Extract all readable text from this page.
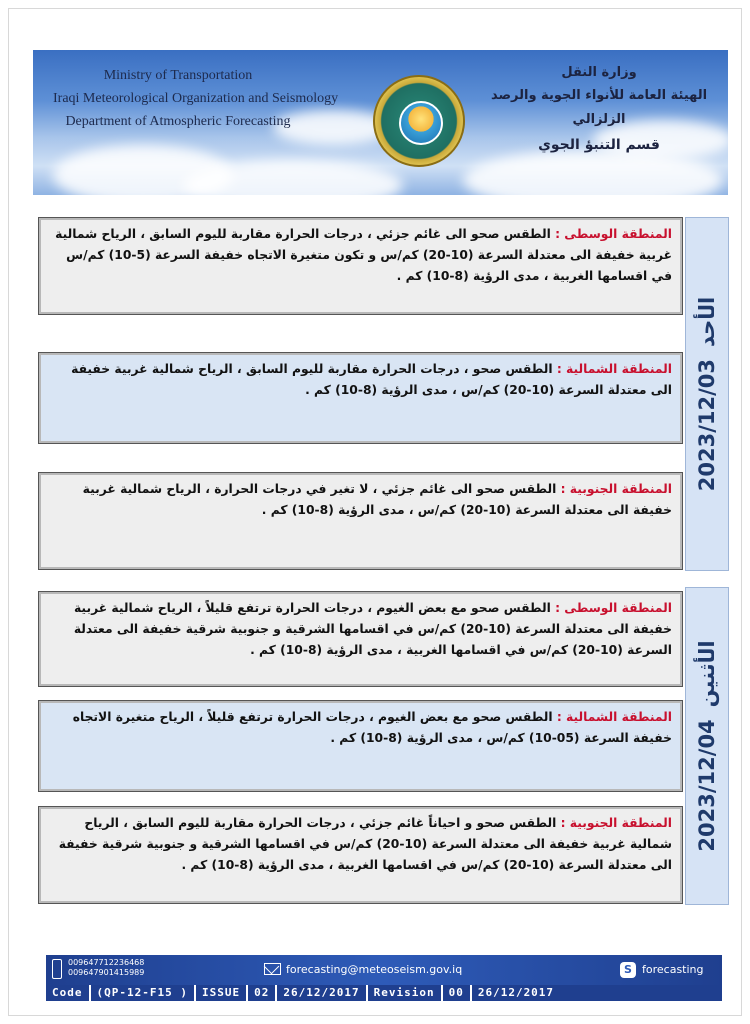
Ministry of Transportation
Iraqi Meteorological Organization and Seismology
Department of Atmospheric Forecasting
وزارة النقل
الهيئة العامة للأنواء الجوية والرصد الزلزالي
قسم التنبؤ الجوي
الأحد2023/12/03
الأثنين2023/12/04
المنطقة الوسطى : الطقس صحو الى غائم جزئي ، درجات الحرارة مقاربة لليوم السابق ، الرياح شمالية غربية خفيفة الى معتدلة السرعة (10-20) كم/س و تكون متغيرة الاتجاه خفيفة السرعة (5-10) كم/س في اقسامها الغربية ، مدى الرؤية (8-10) كم .
المنطقة الشمالية : الطقس صحو ، درجات الحرارة مقاربة لليوم السابق ، الرياح شمالية غربية خفيفة الى معتدلة السرعة (10-20) كم/س ، مدى الرؤية (8-10) كم .
المنطقة الجنوبية : الطقس صحو الى غائم جزئي ، لا تغير في درجات الحرارة ، الرياح شمالية غربية خفيفة الى معتدلة السرعة (10-20) كم/س ، مدى الرؤية (8-10) كم .
المنطقة الوسطى : الطقس صحو مع بعض الغيوم ، درجات الحرارة ترتفع قليلاً ، الرياح شمالية غربية خفيفة الى معتدلة السرعة (10-20) كم/س في اقسامها الشرقية و جنوبية شرقية خفيفة الى معتدلة السرعة (10-20) كم/س في اقسامها الغربية ، مدى الرؤية (8-10) كم .
المنطقة الشمالية : الطقس صحو مع بعض الغيوم ، درجات الحرارة ترتفع قليلاً ، الرياح متغيرة الاتجاه خفيفة السرعة (05-10) كم/س ، مدى الرؤية (8-10) كم .
المنطقة الجنوبية : الطقس صحو و احياناً غائم جزئي ، درجات الحرارة مقاربة لليوم السابق ، الرياح شمالية غربية خفيفة الى معتدلة السرعة (10-20) كم/س في اقسامها الشرقية و جنوبية شرقية خفيفة الى معتدلة السرعة (10-20) كم/س في اقسامها الغربية ، مدى الرؤية (8-10) كم .
009647712236468
009647901415989	forecasting@meteoseism.gov.iq	S forecasting
Code	(QP-12-F15 )	ISSUE	02	26/12/2017	Revision	00	26/12/2017
